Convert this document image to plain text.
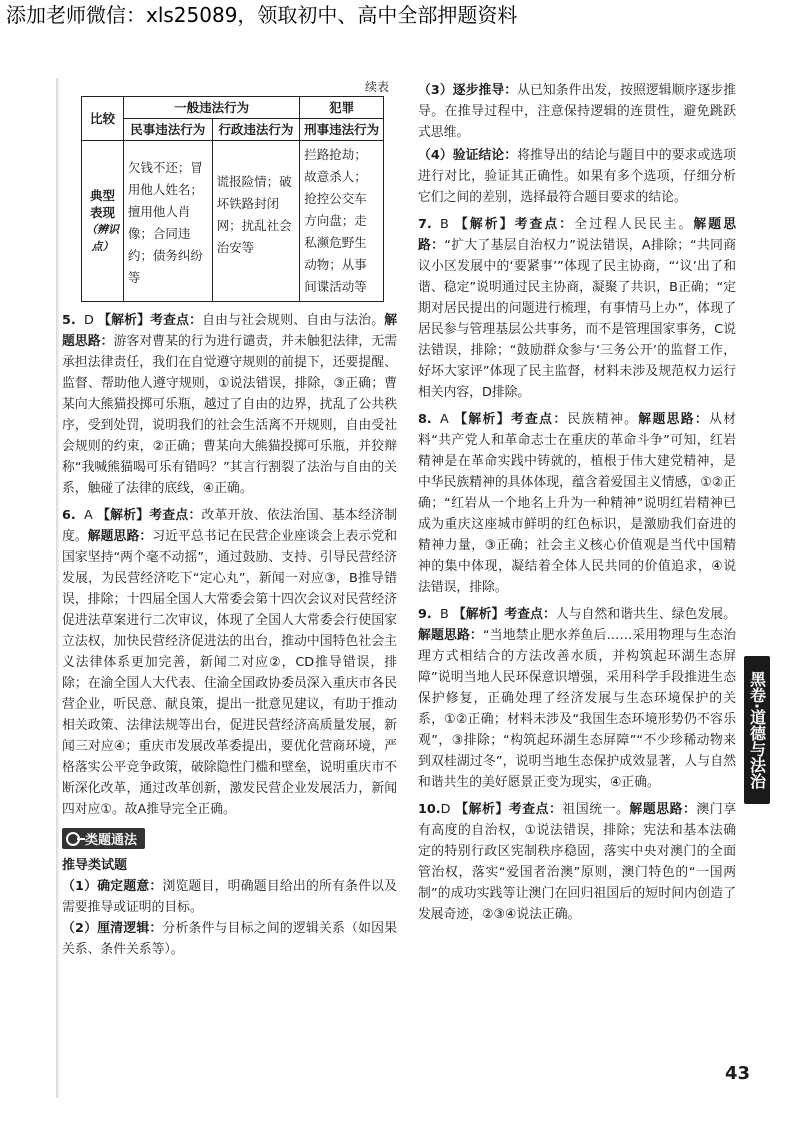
添加老师微信：xls25089，领取初中、高中全部押题资料
续表
比较	一般违法行为		犯罪
	民事违法行为	行政违法行为	刑事违法行为

典型表现
（辨识点）	欠钱不还；冒用他人姓名；擅用他人肖像；合同违约；债务纠纷等	谎报险情；破坏铁路封闭网；扰乱社会治安等	拦路抢劫；故意杀人；抢控公交车方向盘；走私濒危野生动物；从事间谍活动等
5. D 【解析】考查点：自由与社会规则、自由与法治。解题思路：游客对曹某的行为进行谴责，并未触犯法律，无需承担法律责任，我们在自觉遵守规则的前提下，还要提醒、监督、帮助他人遵守规则，①说法错误，排除，③正确；曹某向大熊猫投掷可乐瓶，越过了自由的边界，扰乱了公共秩序，受到处罚，说明我们的社会生活离不开规则，自由受社会规则的约束，②正确；曹某向大熊猫投掷可乐瓶，并狡辩称“我喊熊猫喝可乐有错吗？”其言行割裂了法治与自由的关系，触碰了法律的底线，④正确。
6. A 【解析】考查点：改革开放、依法治国、基本经济制度。解题思路：习近平总书记在民营企业座谈会上表示党和国家坚持“两个毫不动摇”，通过鼓励、支持、引导民营经济发展，为民营经济吃下“定心丸”，新闻一对应③，B推导错误，排除；十四届全国人大常委会第十四次会议对民营经济促进法草案进行二次审议，体现了全国人大常委会行使国家立法权，加快民营经济促进法的出台，推动中国特色社会主义法律体系更加完善，新闻二对应②，CD推导错误，排除；在渝全国人大代表、住渝全国政协委员深入重庆市各民营企业，听民意、献良策，提出一批意见建议，有助于推动相关政策、法律法规等出台，促进民营经济高质量发展，新闻三对应④；重庆市发展改革委提出，要优化营商环境，严格落实公平竞争政策，破除隐性门槛和壁垒，说明重庆市不断深化改革，通过改革创新，激发民营企业发展活力，新闻四对应①。故A推导完全正确。
类题通法
推导类试题
（1）确定题意：浏览题目，明确题目给出的所有条件以及需要推导或证明的目标。
（2）厘清逻辑：分析条件与目标之间的逻辑关系（如因果关系、条件关系等）。
（3）逐步推导：从已知条件出发，按照逻辑顺序逐步推导。在推导过程中，注意保持逻辑的连贯性，避免跳跃式思维。
（4）验证结论：将推导出的结论与题目中的要求或选项进行对比，验证其正确性。如果有多个选项，仔细分析它们之间的差别，选择最符合题目要求的结论。
7. B 【解析】考查点：全过程人民民主。解题思路：“扩大了基层自治权力”说法错误，A排除；“共同商议小区发展中的‘要紧事’”体现了民主协商，“‘议’出了和谐、稳定”说明通过民主协商，凝聚了共识，B正确；“定期对居民提出的问题进行梳理，有事情马上办”，体现了居民参与管理基层公共事务，而不是管理国家事务，C说法错误，排除；“鼓励群众参与‘三务公开’的监督工作，好坏大家评”体现了民主监督，材料未涉及规范权力运行相关内容，D排除。
8. A 【解析】考查点：民族精神。解题思路：从材料“共产党人和革命志士在重庆的革命斗争”可知，红岩精神是在革命实践中铸就的，植根于伟大建党精神，是中华民族精神的具体体现，蕴含着爱国主义情感，①②正确；“红岩从一个地名上升为一种精神”说明红岩精神已成为重庆这座城市鲜明的红色标识，是激励我们奋进的精神力量，③正确；社会主义核心价值观是当代中国精神的集中体现，凝结着全体人民共同的价值追求，④说法错误，排除。
9. B 【解析】考查点：人与自然和谐共生、绿色发展。解题思路：“当地禁止肥水养鱼后……采用物理与生态治理方式相结合的方法改善水质，并构筑起环湖生态屏障”说明当地人民环保意识增强，采用科学手段推进生态保护修复，正确处理了经济发展与生态环境保护的关系，①②正确；材料未涉及“我国生态环境形势仍不容乐观”，③排除；“构筑起环湖生态屏障”“不少珍稀动物来到双桂湖过冬”，说明当地生态保护成效显著，人与自然和谐共生的美好愿景正变为现实，④正确。
10.D 【解析】考查点：祖国统一。解题思路：澳门享有高度的自治权，①说法错误，排除；宪法和基本法确定的特别行政区宪制秩序稳固，落实中央对澳门的全面管治权，落实“爱国者治澳”原则，澳门特色的“一国两制”的成功实践等让澳门在回归祖国后的短时间内创造了发展奇迹，②③④说法正确。
黑卷·道德与法治
43
